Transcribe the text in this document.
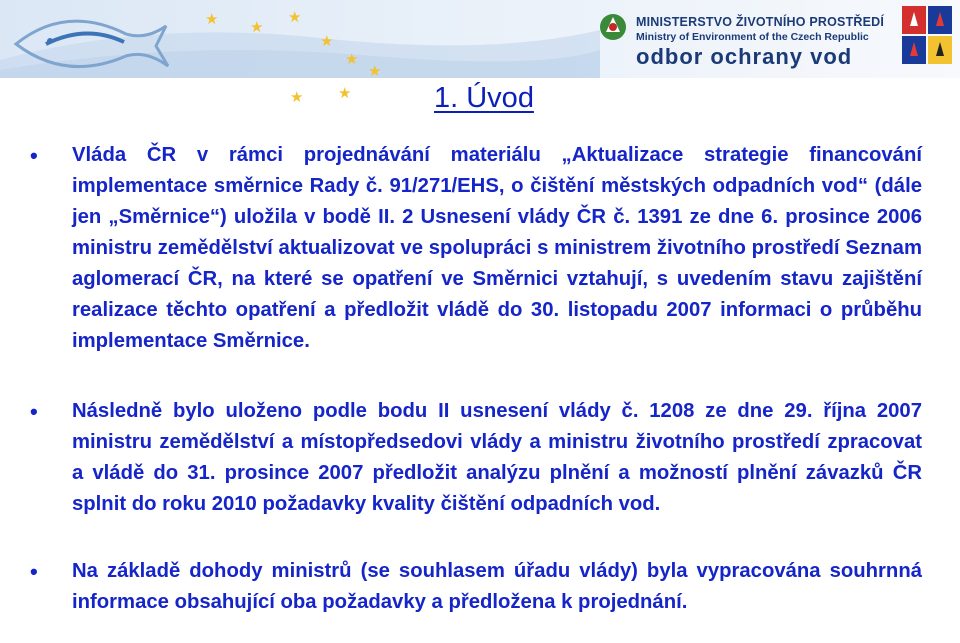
★ ★
★
★
★
★
★ ★
MINISTERSTVO ŽIVOTNÍHO PROSTŘEDÍ
Ministry of Environment of the Czech Republic
odbor ochrany vod
1. Úvod
• Vláda ČR v rámci projednávání materiálu „Aktualizace strategie financování implementace směrnice Rady č. 91/271/EHS, o čištění městských odpadních vod“ (dále jen „Směrnice“) uložila v bodě II. 2 Usnesení vlády ČR č. 1391 ze dne 6. prosince 2006 ministru zemědělství aktualizovat ve spolupráci s ministrem životního prostředí Seznam aglomerací ČR, na které se opatření ve Směrnici vztahují, s uvedením stavu zajištění realizace těchto opatření a předložit vládě do 30. listopadu 2007 informaci o průběhu implementace Směrnice.
• Následně bylo uloženo podle bodu II usnesení vlády č. 1208 ze dne 29. října 2007 ministru zemědělství a místopředsedovi vlády a ministru životního prostředí zpracovat a vládě do 31. prosince 2007 předložit analýzu plnění a možností plnění závazků ČR splnit do roku 2010 požadavky kvality čištění odpadních vod.
• Na základě dohody ministrů (se souhlasem úřadu vlády) byla vypracována souhrnná informace obsahující oba požadavky a předložena k projednání.
